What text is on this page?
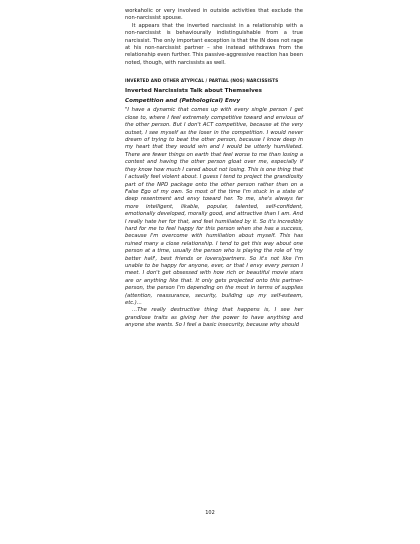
workaholic or very involved in outside activities that exclude the non-narcissist spouse.

It appears that the inverted narcissist in a relationship with a non-narcissist is behaviourally indistinguishable from a true narcissist. The only important exception is that the IN does not rage at his non-narcissist partner – she instead withdraws from the relationship even further. This passive-aggressive reaction has been noted, though, with narcissists as well.

INVERTED AND OTHER ATYPICAL / PARTIAL (NOS) NARCISSISTS
Inverted Narcissists Talk about Themselves
Competition and (Pathological) Envy

"I have a dynamic that comes up with every single person I get close to, where I feel extremely competitive toward and envious of the other person. But I don't ACT competitive, because at the very outset, I see myself as the loser in the competition. I would never dream of trying to beat the other person, because I know deep in my heart that they would win and I would be utterly humiliated. There are fewer things on earth that feel worse to me than losing a contest and having the other person gloat over me, especially if they know how much I cared about not losing. This is one thing that I actually feel violent about. I guess I tend to project the grandiosity part of the NPD package onto the other person rather than on a False Ego of my own. So most of the time I'm stuck in a state of deep resentment and envy toward her. To me, she's always far more intelligent, likable, popular, talented, self-confident, emotionally developed, morally good, and attractive than I am. And I really hate her for that, and feel humiliated by it. So it's incredibly hard for me to feel happy for this person when she has a success, because I'm overcome with humiliation about myself. This has ruined many a close relationship. I tend to get this way about one person at a time, usually the person who is playing the role of 'my better half', best friends or lovers/partners. So it's not like I'm unable to be happy for anyone, ever, or that I envy every person I meet. I don't get obsessed with how rich or beautiful movie stars are or anything like that. It only gets projected onto this partner-person, the person I'm depending on the most in terms of supplies (attention, reassurance, security, building up my self-esteem, etc.)…

…The really destructive thing that happens is, I see her grandiose traits as giving her the power to have anything and anyone she wants. So I feel a basic insecurity, because why should

102
